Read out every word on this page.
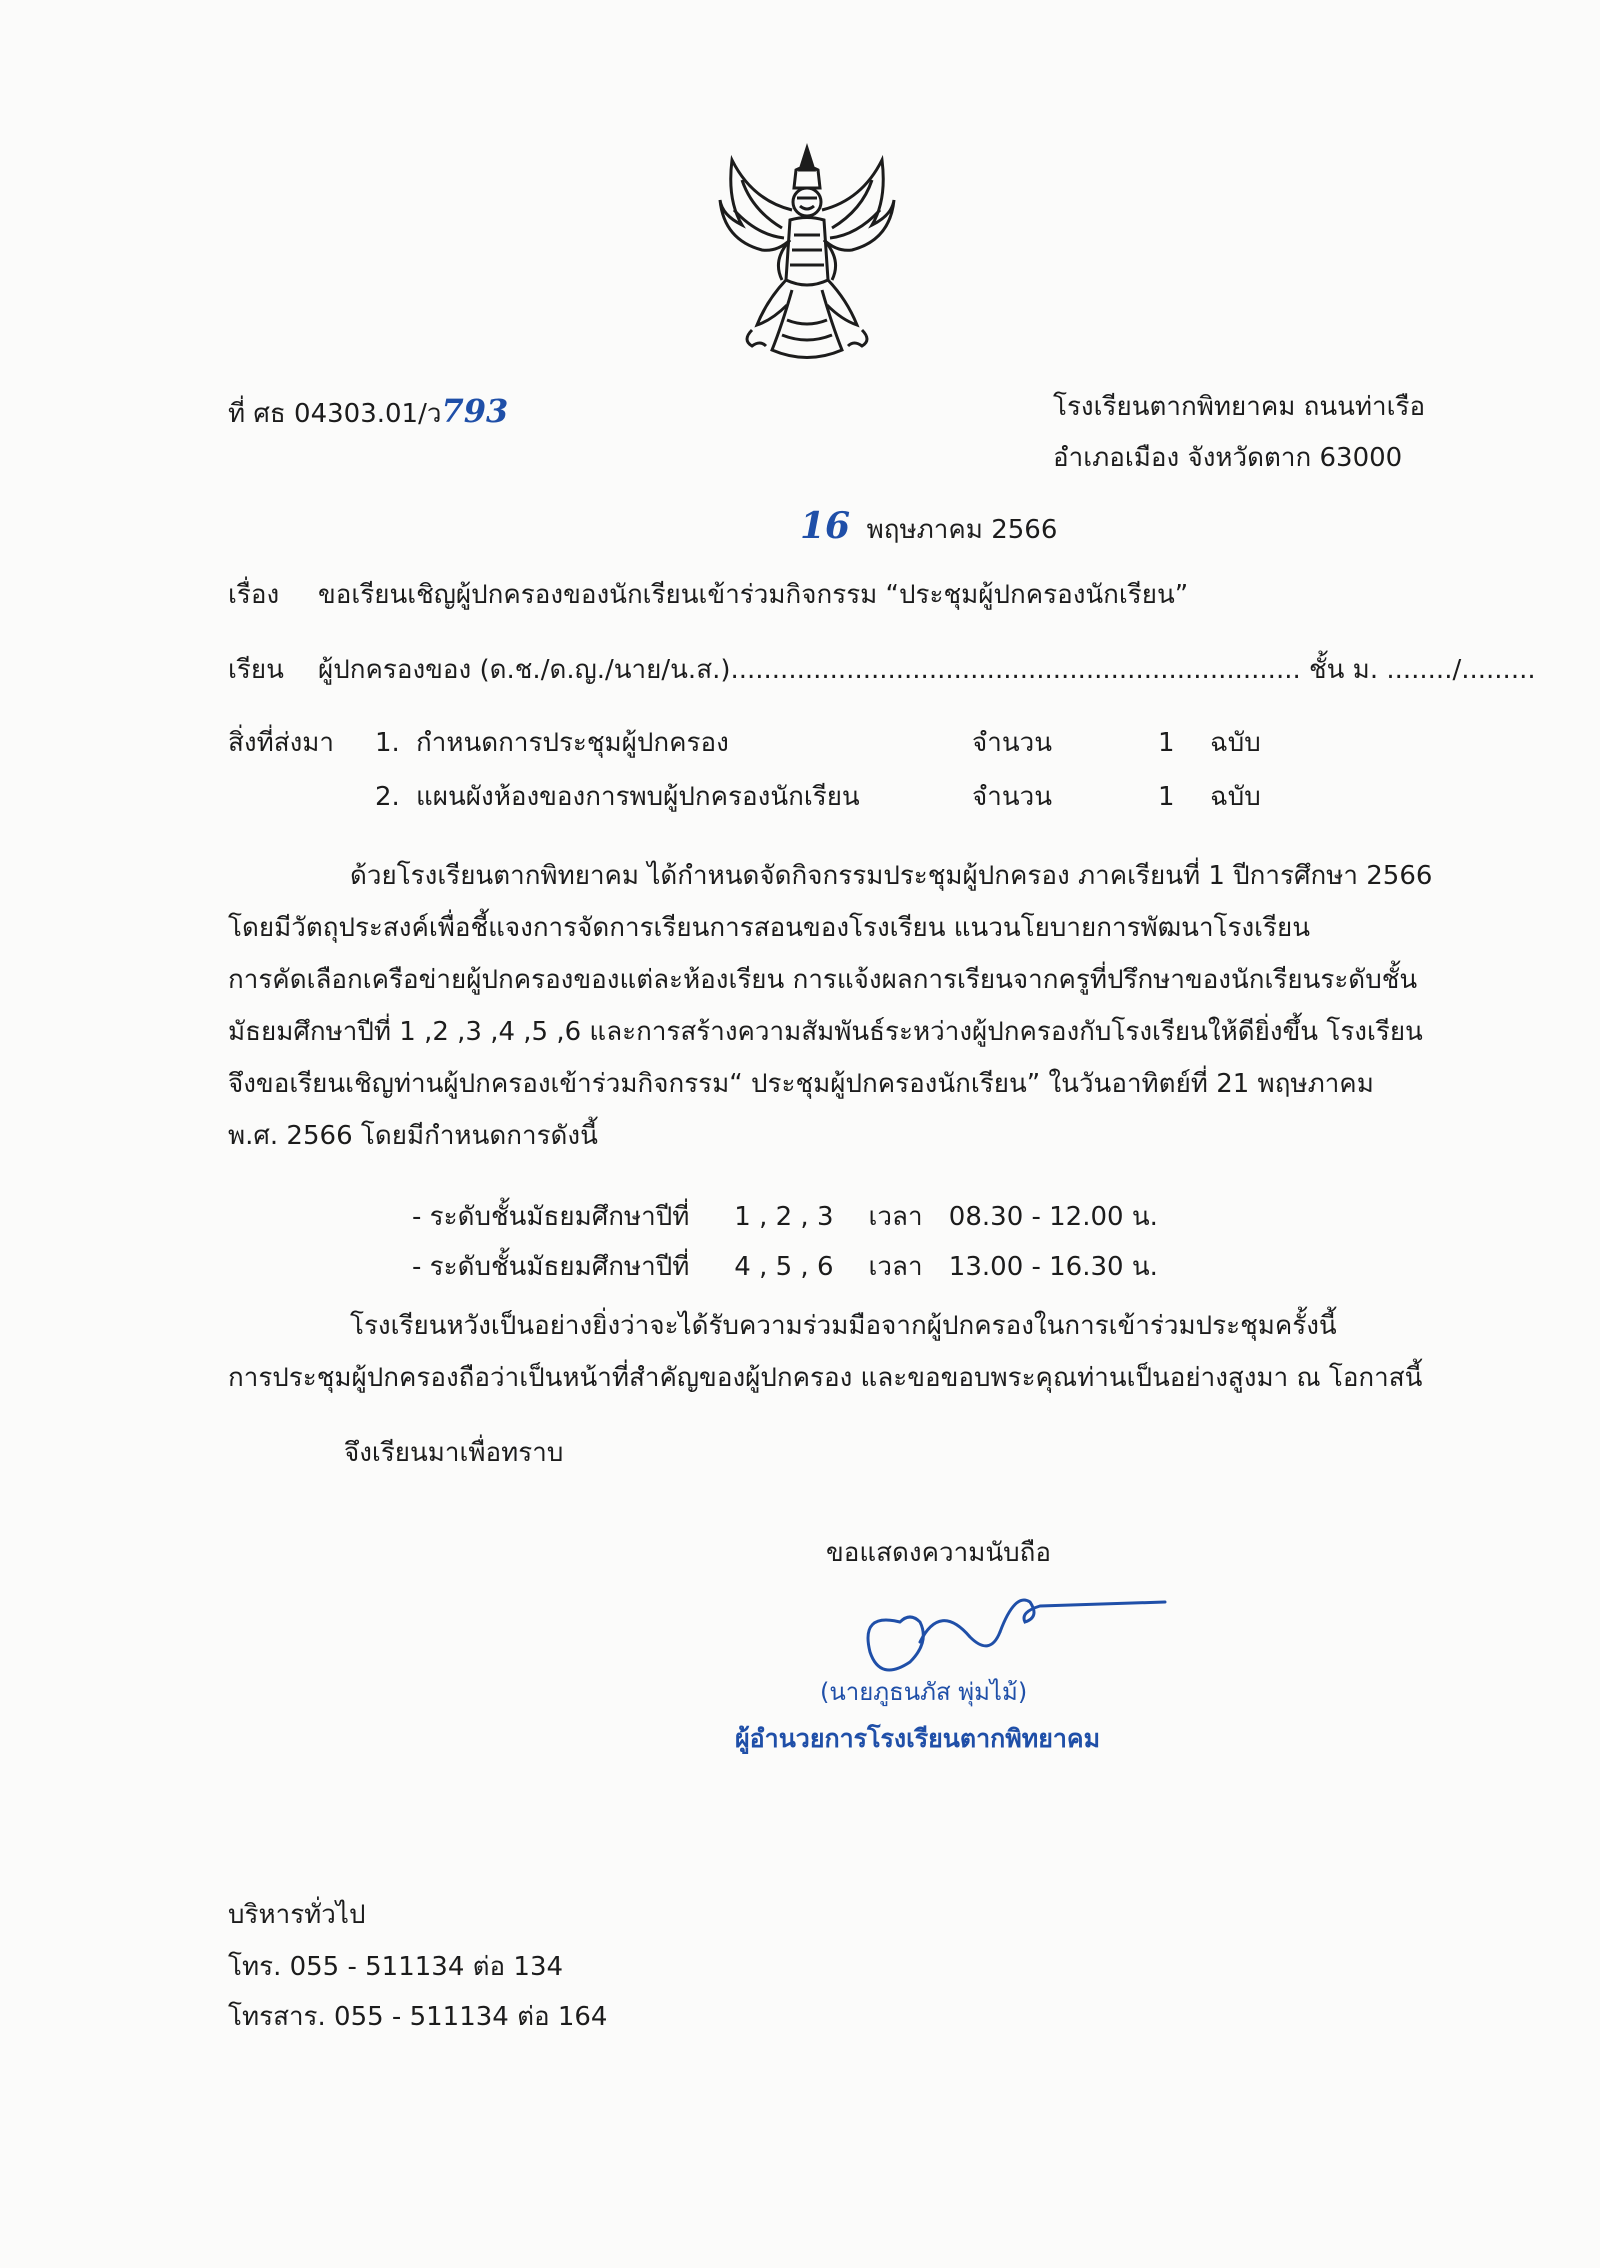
ที่ ศธ 04303.01/ว793	โรงเรียนตากพิทยาคม ถนนท่าเรือ
อำเภอเมือง จังหวัดตาก 63000
16 พฤษภาคม 2566
เรื่อง ขอเรียนเชิญผู้ปกครองของนักเรียนเข้าร่วมกิจกรรม “ประชุมผู้ปกครองนักเรียน”
เรียน ผู้ปกครองของ (ด.ช./ด.ญ./นาย/น.ส.)..................................................................... ชั้น ม. ......../.........
สิ่งที่ส่งมา 1. กำหนดการประชุมผู้ปกครอง	จำนวน	1 ฉบับ
2. แผนผังห้องของการพบผู้ปกครองนักเรียน	จำนวน	1 ฉบับ
ด้วยโรงเรียนตากพิทยาคม ได้กำหนดจัดกิจกรรมประชุมผู้ปกครอง ภาคเรียนที่ 1 ปีการศึกษา 2566
โดยมีวัตถุประสงค์เพื่อชี้แจงการจัดการเรียนการสอนของโรงเรียน แนวนโยบายการพัฒนาโรงเรียน
การคัดเลือกเครือข่ายผู้ปกครองของแต่ละห้องเรียน การแจ้งผลการเรียนจากครูที่ปรึกษาของนักเรียนระดับชั้น
มัธยมศึกษาปีที่ 1 ,2 ,3 ,4 ,5 ,6 และการสร้างความสัมพันธ์ระหว่างผู้ปกครองกับโรงเรียนให้ดียิ่งขึ้น โรงเรียน
จึงขอเรียนเชิญท่านผู้ปกครองเข้าร่วมกิจกรรม“ ประชุมผู้ปกครองนักเรียน” ในวันอาทิตย์ที่ 21 พฤษภาคม
พ.ศ. 2566 โดยมีกำหนดการดังนี้
- ระดับชั้นมัธยมศึกษาปีที่ 1 , 2 , 3 เวลา 08.30 - 12.00 น.
- ระดับชั้นมัธยมศึกษาปีที่ 4 , 5 , 6 เวลา 13.00 - 16.30 น.
โรงเรียนหวังเป็นอย่างยิ่งว่าจะได้รับความร่วมมือจากผู้ปกครองในการเข้าร่วมประชุมครั้งนี้
การประชุมผู้ปกครองถือว่าเป็นหน้าที่สำคัญของผู้ปกครอง และขอขอบพระคุณท่านเป็นอย่างสูงมา ณ โอกาสนี้
จึงเรียนมาเพื่อทราบ
ขอแสดงความนับถือ
(นายภูธนภัส พุ่มไม้)
ผู้อำนวยการโรงเรียนตากพิทยาคม
บริหารทั่วไป
โทร. 055 - 511134 ต่อ 134
โทรสาร. 055 - 511134 ต่อ 164
